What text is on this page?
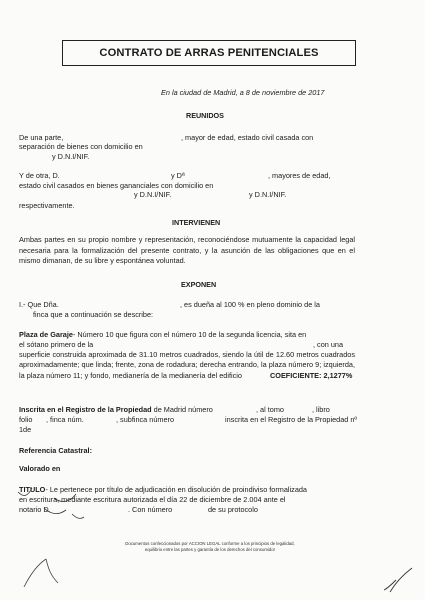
CONTRATO DE ARRAS PENITENCIALES
En la ciudad de Madrid, a 8 de noviembre de 2017
REUNIDOS
De una parte,	, mayor de edad, estado civil casada con
separación de bienes con domicilio en
y D.N.I/NIF.
Y de otra, D.	y Dª	, mayores de edad,
estado civil casados en bienes gananciales con domicilio en
y D.N.I/NIF.	y D.N.I/NIF.
respectivamente.
INTERVIENEN
Ambas partes en su propio nombre y representación, reconociéndose mutuamente la capacidad legal necesaria para la formalización del presente contrato, y la asunción de las obligaciones que en el mismo dimanan, de su libre y espontánea voluntad.
EXPONEN
I.- Que Dña.	, es dueña al 100 % en pleno dominio de la
finca que a continuación se describe:
Plaza de Garaje- Número 10 que figura con el número 10 de la segunda licencia, sita en
el sótano primero de la	, con una
superficie construida aproximada de 31.10 metros cuadrados, siendo la útil de 12.60 metros cuadrados aproximadamente; que linda; frente, zona de rodadura; derecha entrando, la plaza número 9; izquierda, la plaza número 11; y fondo, medianería de la medianería del edificio	COEFICIENTE: 2,1277%
Inscrita en el Registro de la Propiedad de Madrid número	, al tomo	, libro
folio , finca núm.	, subfinca número	inscrita en el Registro de la Propiedad nº
1de
Referencia Catastral:
Valorado en
TITULO- Le pertenece por título de adjudicación en disolución de proindiviso formalizada
en escritura, mediante escritura autorizada el día 22 de diciembre de 2.004 ante el
notario D.	. Con número	de su protocolo
Documentos confeccionados por ACCION LEGAL conforme a los principios de legalidad,
equilibrio entre las partes y garantía de los derechos del consumidor
